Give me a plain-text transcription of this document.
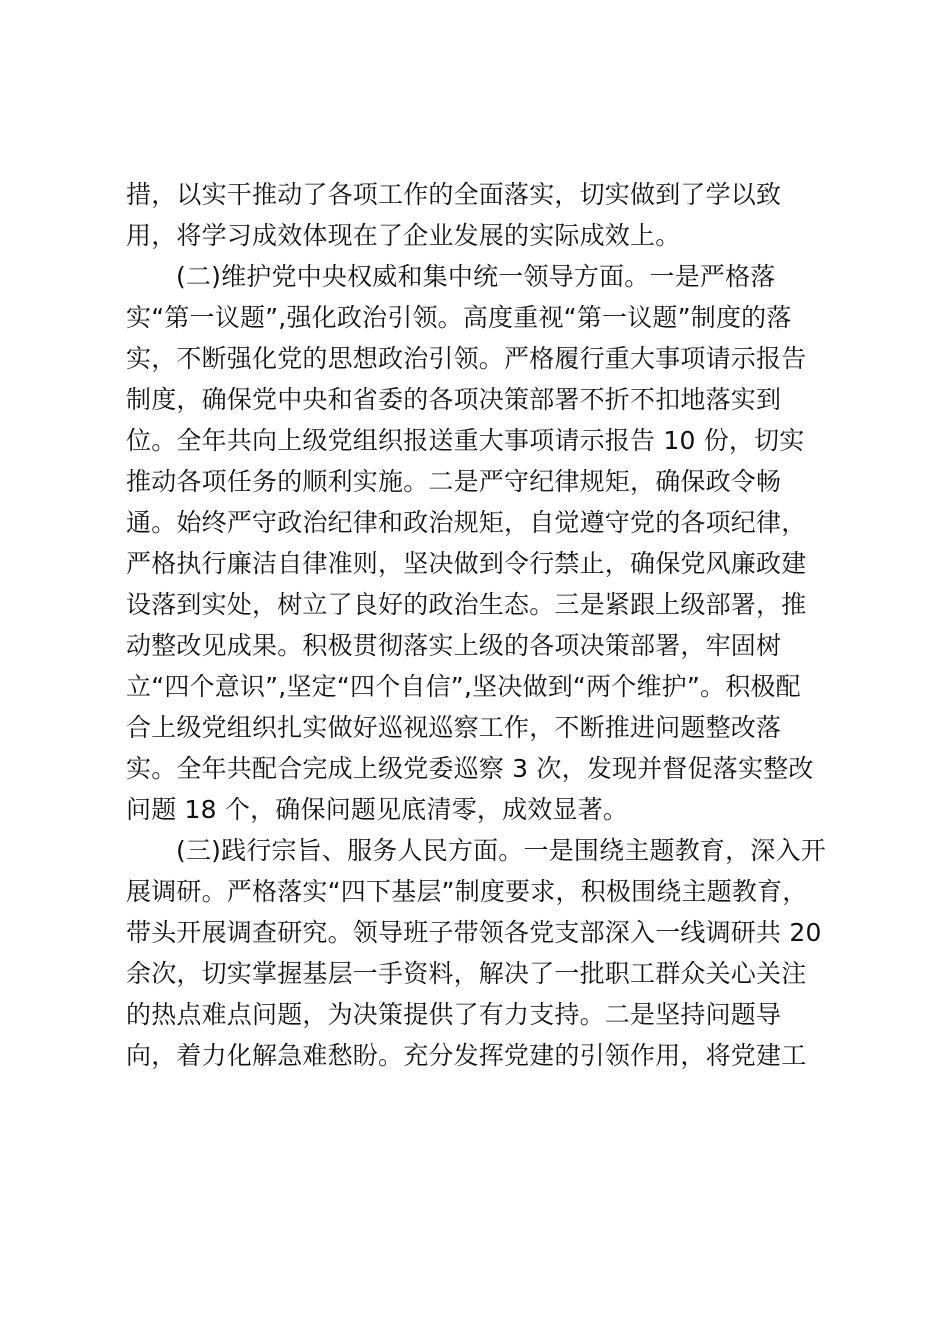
措，以实干推动了各项工作的全面落实，切实做到了学以致
用，将学习成效体现在了企业发展的实际成效上。
(二)维护党中央权威和集中统一领导方面。一是严格落
实“第一议题”,强化政治引领。高度重视“第一议题”制度的落
实，不断强化党的思想政治引领。严格履行重大事项请示报告
制度，确保党中央和省委的各项决策部署不折不扣地落实到
位。全年共向上级党组织报送重大事项请示报告 10 份，切实
推动各项任务的顺利实施。二是严守纪律规矩，确保政令畅
通。始终严守政治纪律和政治规矩，自觉遵守党的各项纪律，
严格执行廉洁自律准则，坚决做到令行禁止，确保党风廉政建
设落到实处，树立了良好的政治生态。三是紧跟上级部署，推
动整改见成果。积极贯彻落实上级的各项决策部署，牢固树
立“四个意识”,坚定“四个自信”,坚决做到“两个维护”。积极配
合上级党组织扎实做好巡视巡察工作，不断推进问题整改落
实。全年共配合完成上级党委巡察 3 次，发现并督促落实整改
问题 18 个，确保问题见底清零，成效显著。
(三)践行宗旨、服务人民方面。一是围绕主题教育，深入开
展调研。严格落实“四下基层”制度要求，积极围绕主题教育，
带头开展调查研究。领导班子带领各党支部深入一线调研共 20
余次，切实掌握基层一手资料，解决了一批职工群众关心关注
的热点难点问题，为决策提供了有力支持。二是坚持问题导
向，着力化解急难愁盼。充分发挥党建的引领作用，将党建工
